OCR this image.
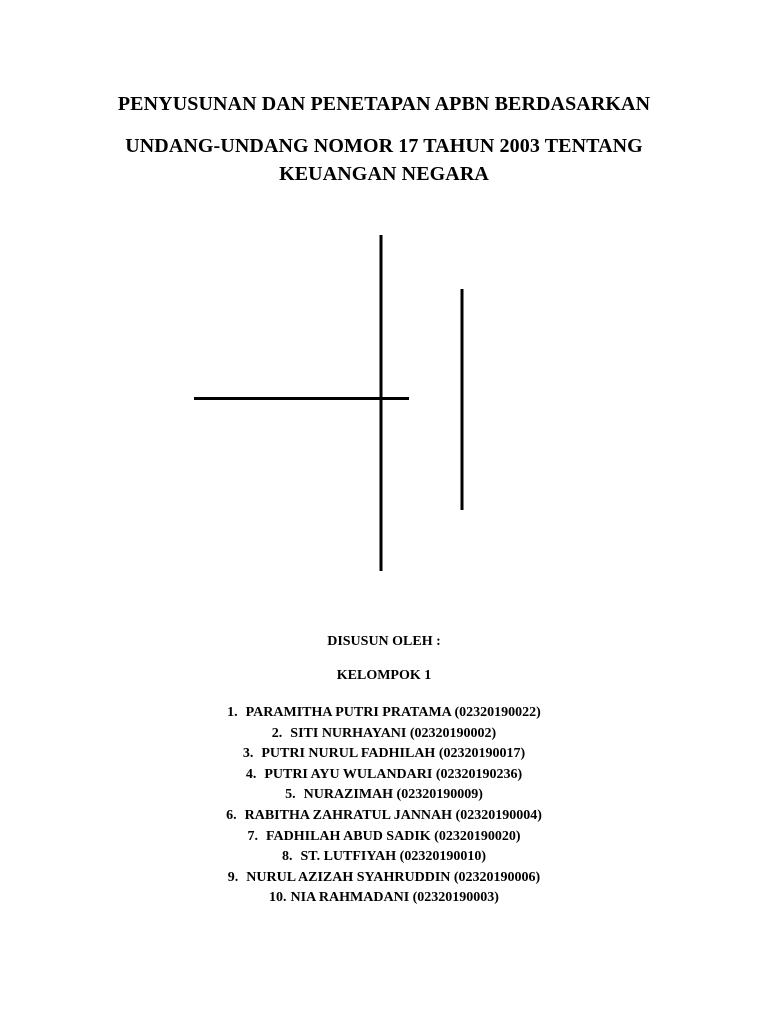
PENYUSUNAN DAN PENETAPAN APBN BERDASARKAN
UNDANG-UNDANG NOMOR 17 TAHUN 2003 TENTANG
KEUANGAN NEGARA
DISUSUN OLEH :
KELOMPOK 1
1. PARAMITHA PUTRI PRATAMA (02320190022)
2. SITI NURHAYANI (02320190002)
3. PUTRI NURUL FADHILAH (02320190017)
4. PUTRI AYU WULANDARI (02320190236)
5. NURAZIMAH (02320190009)
6. RABITHA ZAHRATUL JANNAH (02320190004)
7. FADHILAH ABUD SADIK (02320190020)
8. ST. LUTFIYAH (02320190010)
9. NURUL AZIZAH SYAHRUDDIN (02320190006)
10. NIA RAHMADANI (02320190003)
